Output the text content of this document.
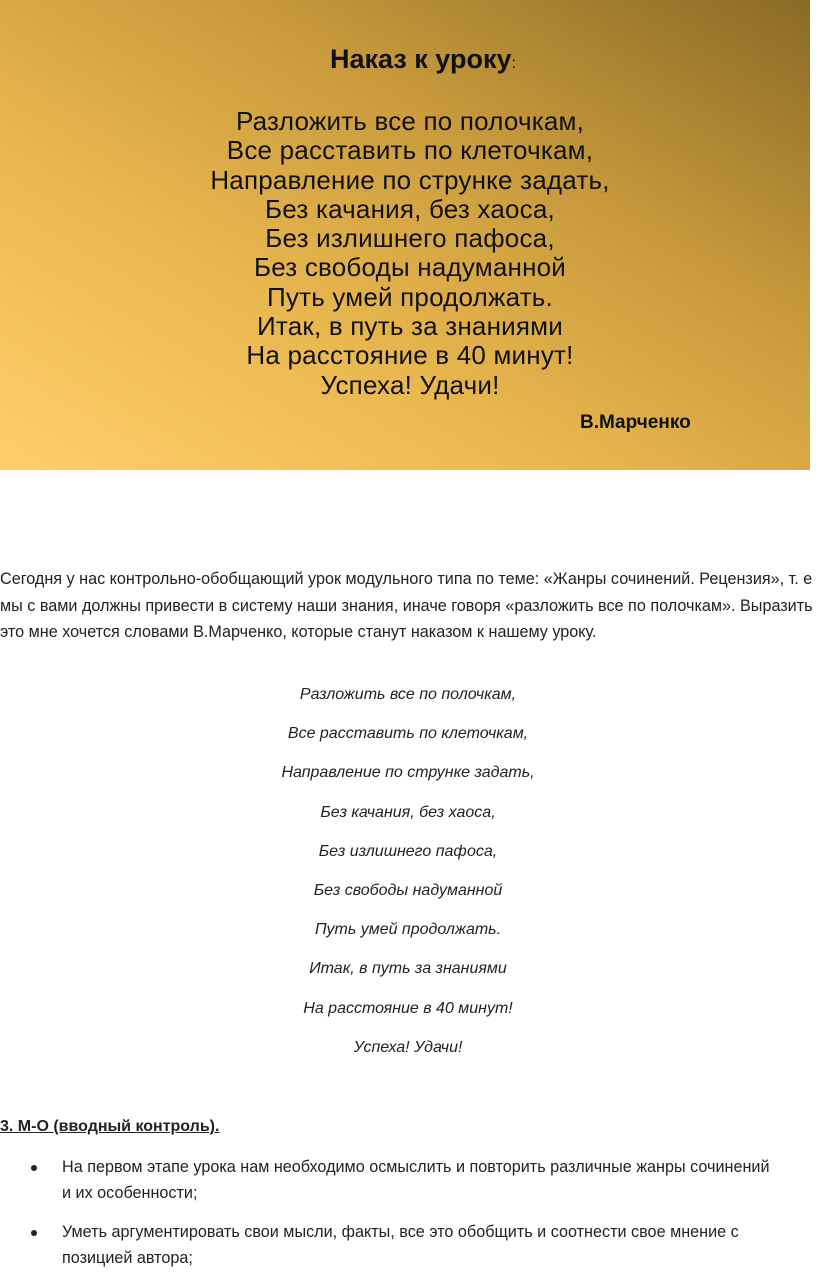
Наказ к уроку:
Разложить все по полочкам,
Все расставить по клеточкам,
Направление по струнке задать,
Без качания, без хаоса,
Без излишнего пафоса,
Без свободы надуманной
Путь умей продолжать.
Итак, в путь за знаниями
На расстояние в 40 минут!
Успеха! Удачи!
В.Марченко

Сегодня у нас контрольно-обобщающий урок модульного типа по теме: «Жанры сочинений. Рецензия», т. е мы с вами должны привести в систему наши знания, иначе говоря «разложить все по полочкам». Выразить это мне хочется словами В.Марченко, которые станут наказом к нашему уроку.

Разложить все по полочкам,
Все расставить по клеточкам,
Направление по струнке задать,
Без качания, без хаоса,
Без излишнего пафоса,
Без свободы надуманной
Путь умей продолжать.
Итак, в путь за знаниями
На расстояние в 40 минут!
Успеха! Удачи!
3. М-О (вводный контроль).
На первом этапе урока нам необходимо осмыслить и повторить различные жанры сочинений и их особенности;
Уметь аргументировать свои мысли, факты, все это обобщить и соотнести свое мнение с позицией автора;
